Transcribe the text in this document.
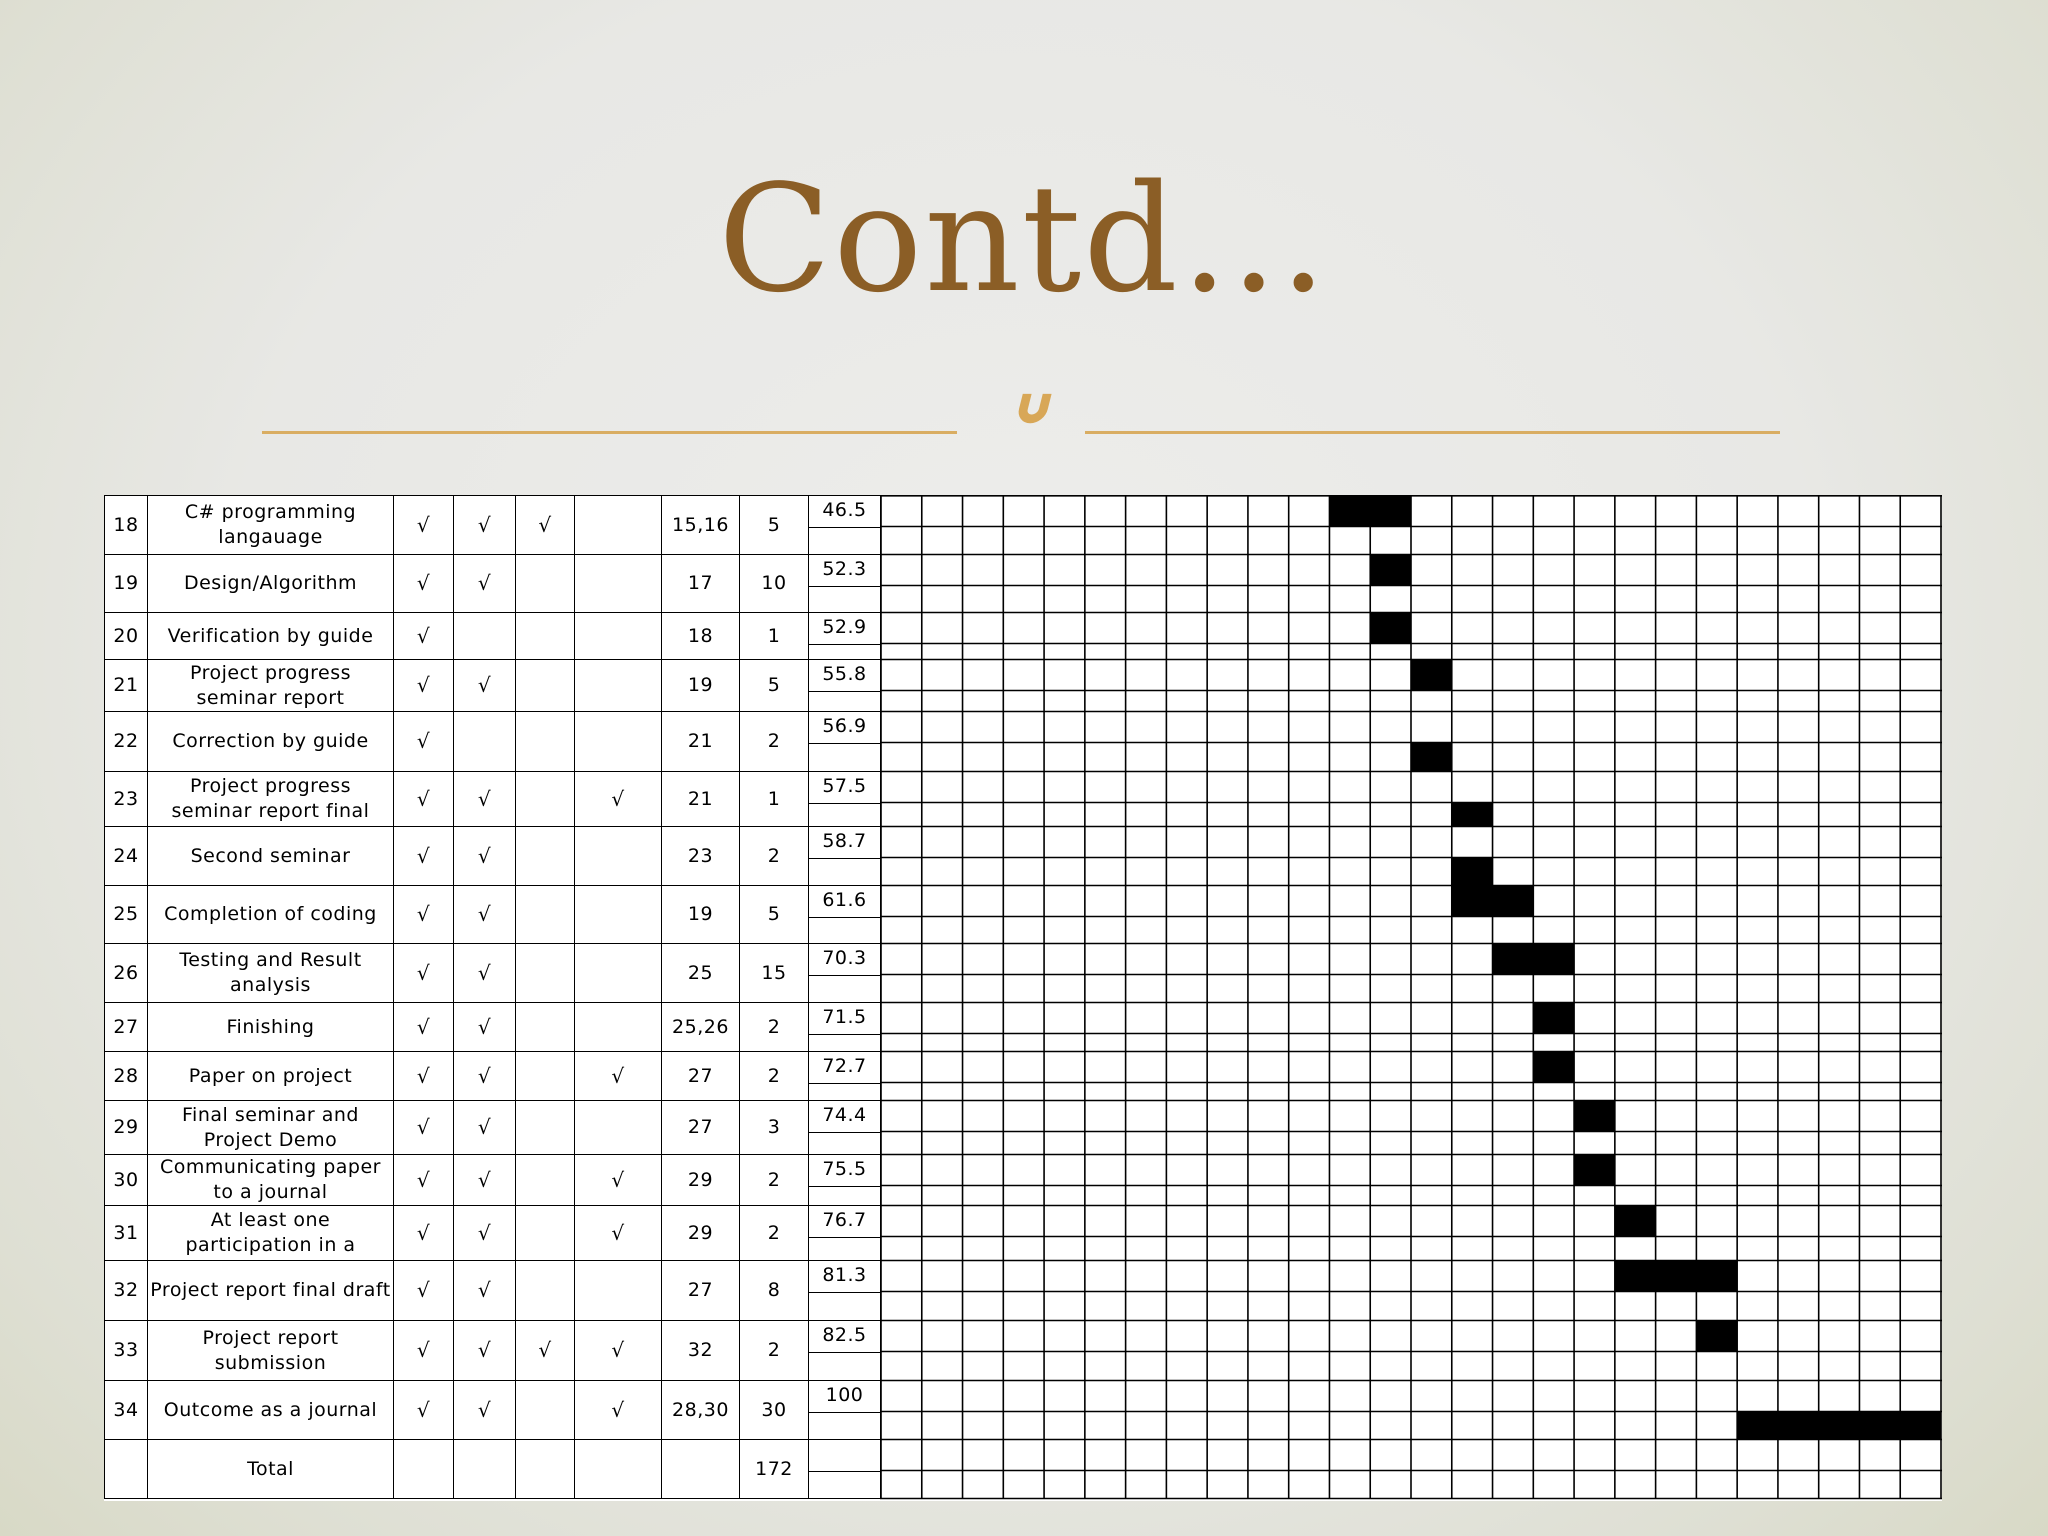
Contd…
ᐡ
18	C# programming langauage	√	√	√		15,16	5	46.5

19	Design/Algorithm	√	√			17	10	52.3

20	Verification by guide	√				18	1	52.9

21	Project progress seminar report	√	√			19	5	55.8

22	Correction by guide	√				21	2	56.9

23	Project progress seminar report final	√	√		√	21	1	57.5

24	Second seminar	√	√			23	2	58.7

25	Completion of coding	√	√			19	5	61.6

26	Testing and Result analysis	√	√			25	15	70.3

27	Finishing	√	√			25,26	2	71.5

28	Paper on project	√	√		√	27	2	72.7

29	Final seminar and Project Demo	√	√			27	3	74.4

30	Communicating paper to a journal	√	√		√	29	2	75.5

31	At least one participation in a	√	√		√	29	2	76.7

32	Project report final draft	√	√			27	8	81.3

33	Project report submission	√	√	√	√	32	2	82.5

34	Outcome as a journal	√	√		√	28,30	30	100

	Total						172	
